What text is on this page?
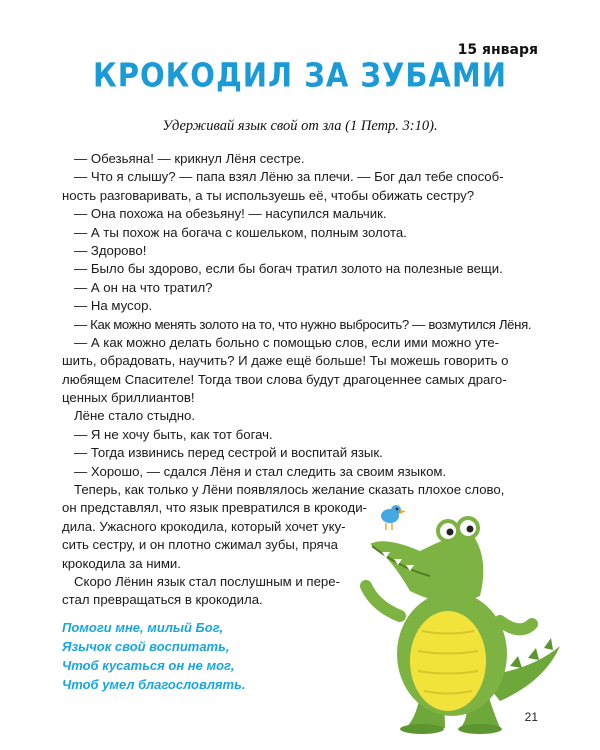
15 января
КРОКОДИЛ ЗА ЗУБАМИ
Удерживай язык свой от зла (1 Петр. 3:10).
— Обезьяна! — крикнул Лёня сестре.
— Что я слышу? — папа взял Лёню за плечи. — Бог дал тебе способ-
ность разговаривать, а ты используешь её, чтобы обижать сестру?
— Она похожа на обезьяну! — насупился мальчик.
— А ты похож на богача с кошельком, полным золота.
— Здорово!
— Было бы здорово, если бы богач тратил золото на полезные вещи.
— А он на что тратил?
— На мусор.
— Как можно менять золото на то, что нужно выбросить? — возмутился Лёня.
— А как можно делать больно с помощью слов, если ими можно уте-
шить, обрадовать, научить? И даже ещё больше! Ты можешь говорить о
любящем Спасителе! Тогда твои слова будут драгоценнее самых драго-
ценных бриллиантов!
Лёне стало стыдно.
— Я не хочу быть, как тот богач.
— Тогда извинись перед сестрой и воспитай язык.
— Хорошо, — сдался Лёня и стал следить за своим языком.
Теперь, как только у Лёни появлялось желание сказать плохое слово,
он представлял, что язык превратился в крокоди-
дила. Ужасного крокодила, который хочет уку-
сить сестру, и он плотно сжимал зубы, пряча
крокодила за ними.
Скоро Лёнин язык стал послушным и пере-
стал превращаться в крокодила.
Помоги мне, милый Бог,
Язычок свой воспитать,
Чтоб кусаться он не мог,
Чтоб умел благословлять.
21
